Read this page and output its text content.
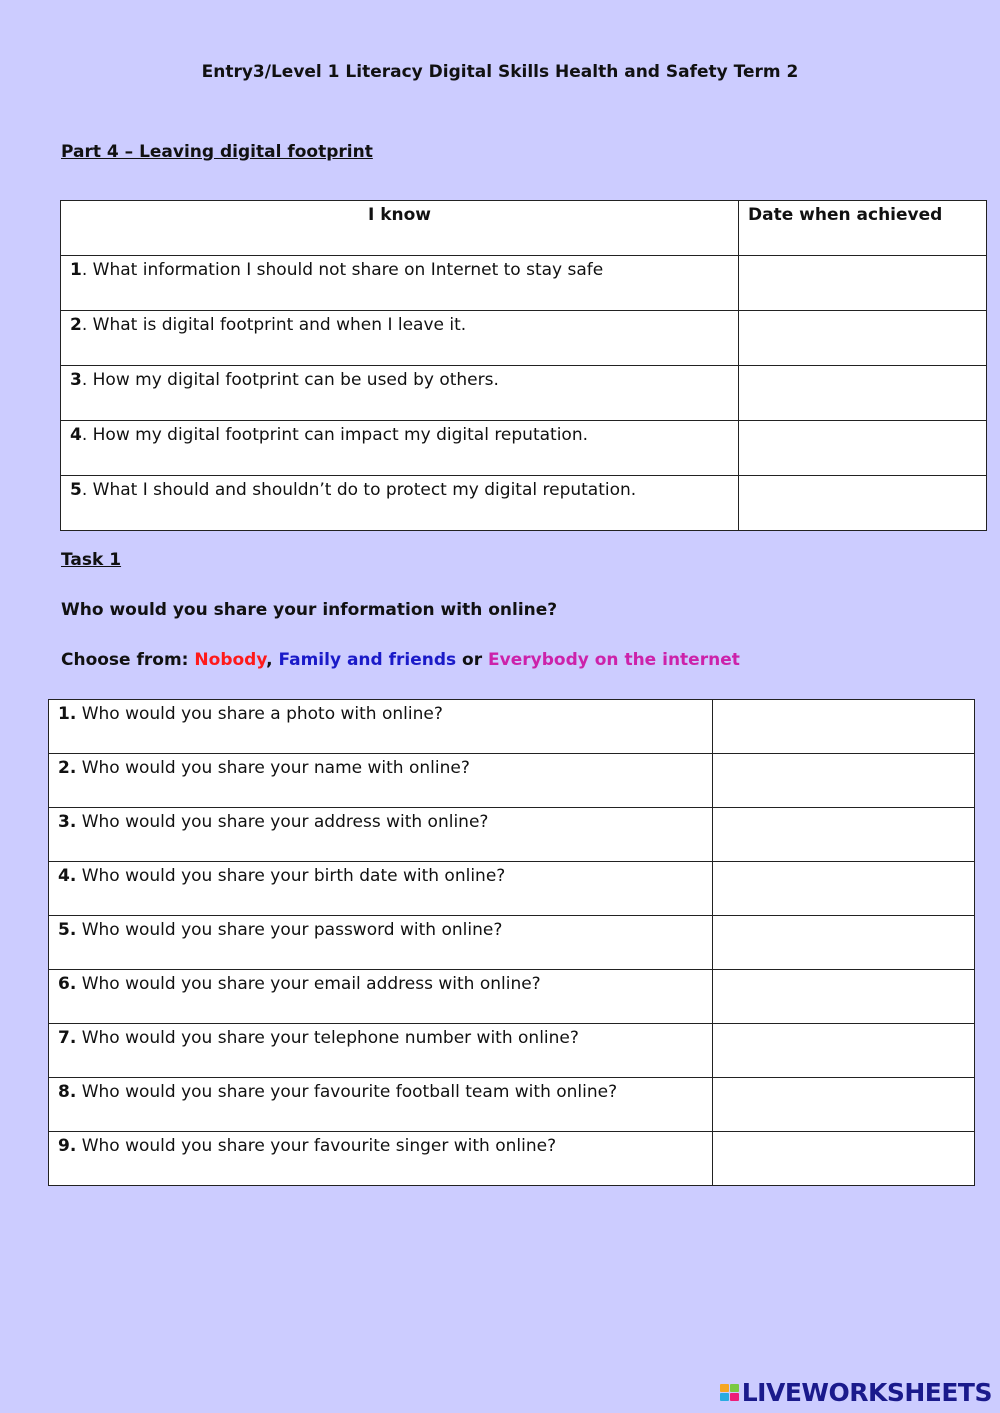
Entry3/Level 1 Literacy Digital Skills Health and Safety Term 2
Part 4 – Leaving digital footprint
I know	Date when achieved
1. What information I should not share on Internet to stay safe	
2. What is digital footprint and when I leave it.	
3. How my digital footprint can be used by others.	
4. How my digital footprint can impact my digital reputation.	
5. What I should and shouldn’t do to protect my digital reputation.	
Task 1
Who would you share your information with online?
Choose from: Nobody, Family and friends or Everybody on the internet
1. Who would you share a photo with online?	
2. Who would you share your name with online?	
3. Who would you share your address with online?	
4. Who would you share your birth date with online?	
5. Who would you share your password with online?	
6. Who would you share your email address with online?	
7. Who would you share your telephone number with online?	
8. Who would you share your favourite football team with online?	
9. Who would you share your favourite singer with online?	
LIVEWORKSHEETS
